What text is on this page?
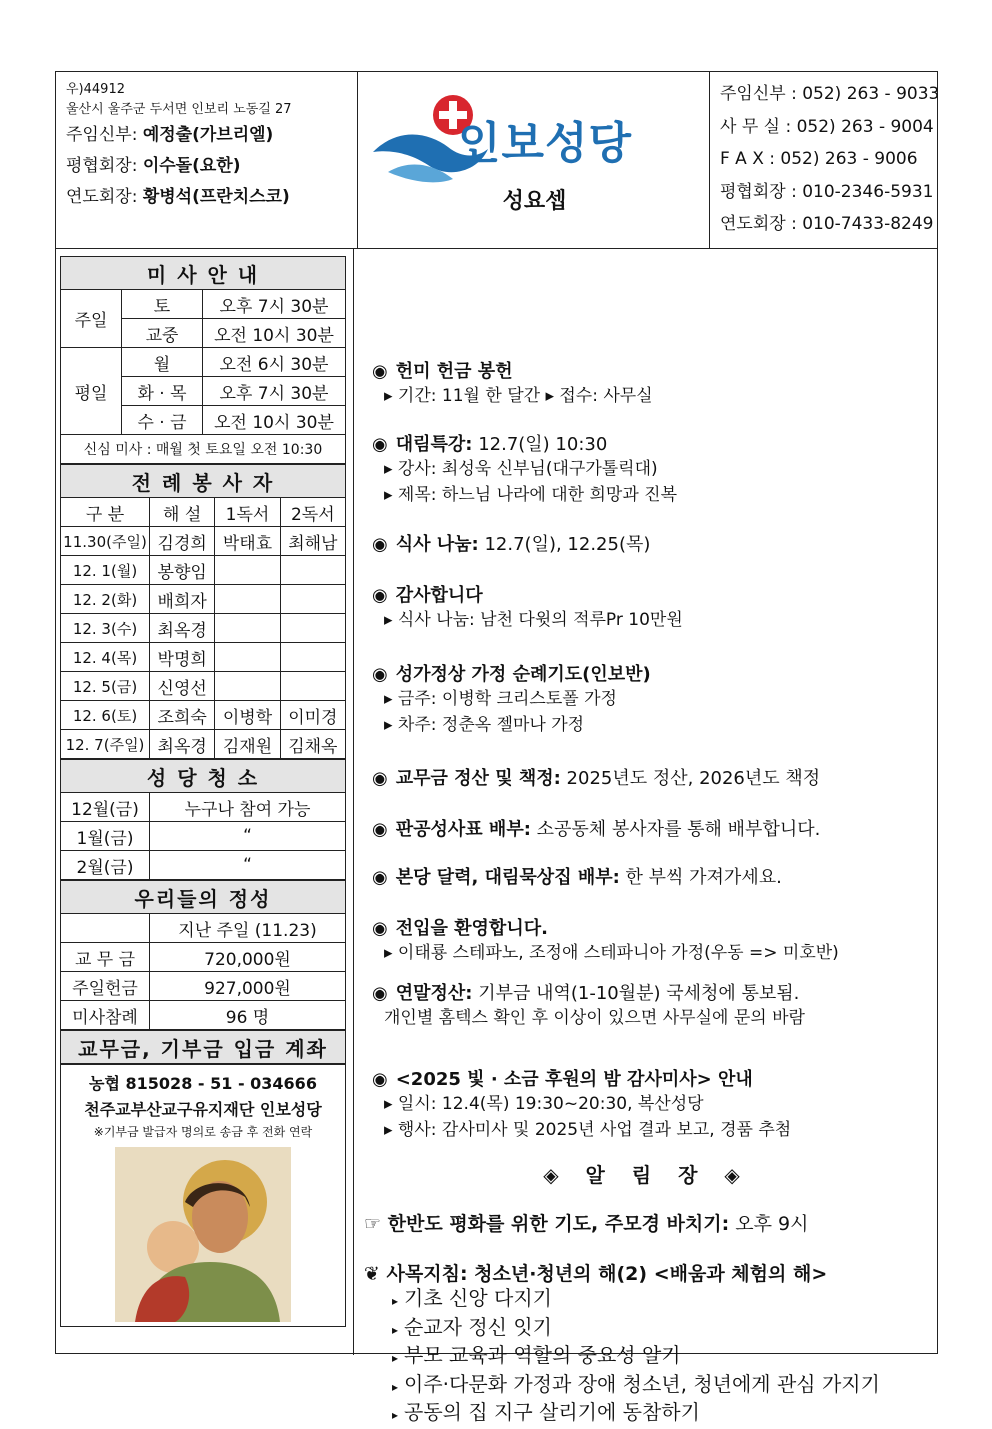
우)44912
울산시 울주군 두서면 인보리 노동길 27
주임신부: 예정출(가브리엘)
평협회장: 이수돌(요한)
연도회장: 황병석(프란치스코)
인보성당
성요셉
주임신부 : 052) 263 - 9033
사 무 실 : 052) 263 - 9004
F A X : 052) 263 - 9006
평협회장 : 010-2346-5931
연도회장 : 010-7433-8249
미 사 안 내		
주일	토	오후 7시 30분
	교중	오전 10시 30분
평일	월	오전 6시 30분
	화 · 목	오후 7시 30분
	수 · 금	오전 10시 30분
신심 미사 : 매월 첫 토요일 오전 10:30		
전 례 봉 사 자			
구 분	해 설	1독서	2독서
11.30(주일)	김경희	박태효	최해남
12. 1(월)	봉향임		
12. 2(화)	배희자		
12. 3(수)	최옥경		
12. 4(목)	박명희		
12. 5(금)	신영선		
12. 6(토)	조희숙	이병학	이미경
12. 7(주일)	최옥경	김재원	김채옥
성 당 청 소	
12월(금)	누구나 참여 가능
1월(금)	“
2월(금)	“
우리들의 정성	
	지난 주일 (11.23)
교 무 금	720,000원
주일헌금	927,000원
미사참례	96 명
교무금, 기부금 입금 계좌
농협 815028 - 51 - 034666
천주교부산교구유지재단 인보성당
※기부금 발급자 명의로 송금 후 전화 연락
◉ 헌미 헌금 봉헌
▸ 기간: 11월 한 달간 ▸ 접수: 사무실
◉ 대림특강: 12.7(일) 10:30
▸ 강사: 최성욱 신부님(대구가톨릭대)
▸ 제목: 하느님 나라에 대한 희망과 진복
◉ 식사 나눔: 12.7(일), 12.25(목)
◉ 감사합니다
▸ 식사 나눔: 남천 다윗의 적루Pr 10만원
◉ 성가정상 가정 순례기도(인보반)
▸ 금주: 이병학 크리스토폴 가정
▸ 차주: 정춘옥 젤마나 가정
◉ 교무금 정산 및 책정: 2025년도 정산, 2026년도 책정
◉ 판공성사표 배부: 소공동체 봉사자를 통해 배부합니다.
◉ 본당 달력, 대림묵상집 배부: 한 부씩 가져가세요.
◉ 전입을 환영합니다.
▸ 이태룡 스테파노, 조정애 스테파니아 가정(우동 => 미호반)
◉ 연말정산: 기부금 내역(1-10월분) 국세청에 통보됨.
개인별 홈텍스 확인 후 이상이 있으면 사무실에 문의 바람
◉ <2025 빛 · 소금 후원의 밤 감사미사> 안내
▸ 일시: 12.4(목) 19:30~20:30, 복산성당
▸ 행사: 감사미사 및 2025년 사업 결과 보고, 경품 추첨
◈ 알 림 장 ◈
☞ 한반도 평화를 위한 기도, 주모경 바치기: 오후 9시
❦ 사목지침: 청소년·청년의 해(2) <배움과 체험의 해>
▸ 기초 신앙 다지기
▸ 순교자 정신 잇기
▸ 부모 교육과 역할의 중요성 알기
▸ 이주·다문화 가정과 장애 청소년, 청년에게 관심 가지기
▸ 공동의 집 지구 살리기에 동참하기
